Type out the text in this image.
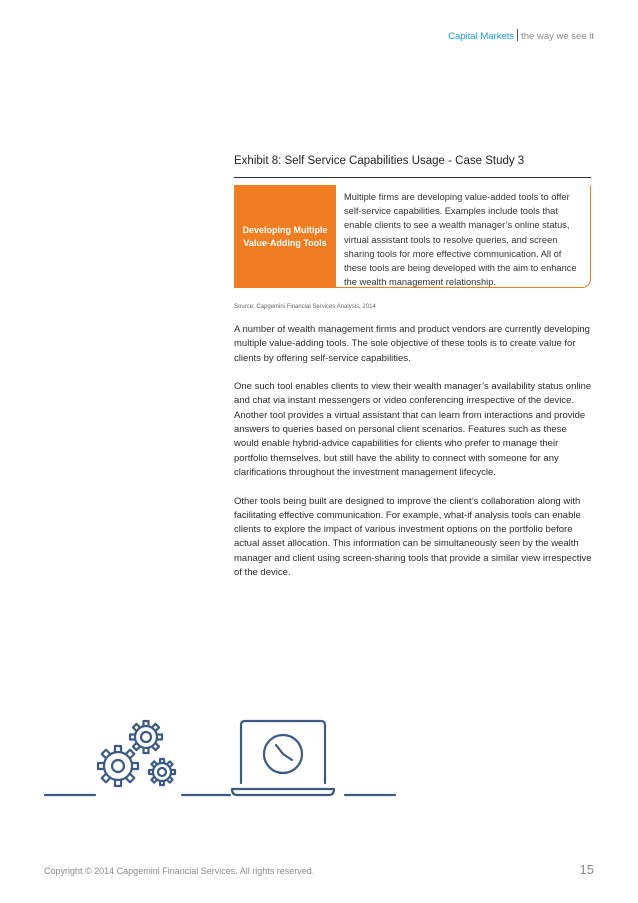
Capital Markets the way we see it
Exhibit 8: Self Service Capabilities Usage - Case Study 3
Developing Multiple Value-Adding Tools
Multiple firms are developing value-added tools to offer self-service capabilities. Examples include tools that enable clients to see a wealth manager’s online status, virtual assistant tools to resolve queries, and screen sharing tools for more effective communication. All of these tools are being developed with the aim to enhance the wealth management relationship.
Source: Capgemini Financial Services Analysis, 2014

A number of wealth management firms and product vendors are currently developing multiple value-adding tools. The sole objective of these tools is to create value for clients by offering self-service capabilities.

One such tool enables clients to view their wealth manager’s availability status online and chat via instant messengers or video conferencing irrespective of the device. Another tool provides a virtual assistant that can learn from interactions and provide answers to queries based on personal client scenarios. Features such as these would enable hybrid-advice capabilities for clients who prefer to manage their portfolio themselves, but still have the ability to connect with someone for any clarifications throughout the investment management lifecycle.

Other tools being built are designed to improve the client’s collaboration along with facilitating effective communication. For example, what-if analysis tools can enable clients to explore the impact of various investment options on the portfolio before actual asset allocation. This information can be simultaneously seen by the wealth manager and client using screen-sharing tools that provide a similar view irrespective of the device.

Copyright © 2014 Capgemini Financial Services. All rights reserved.	15
